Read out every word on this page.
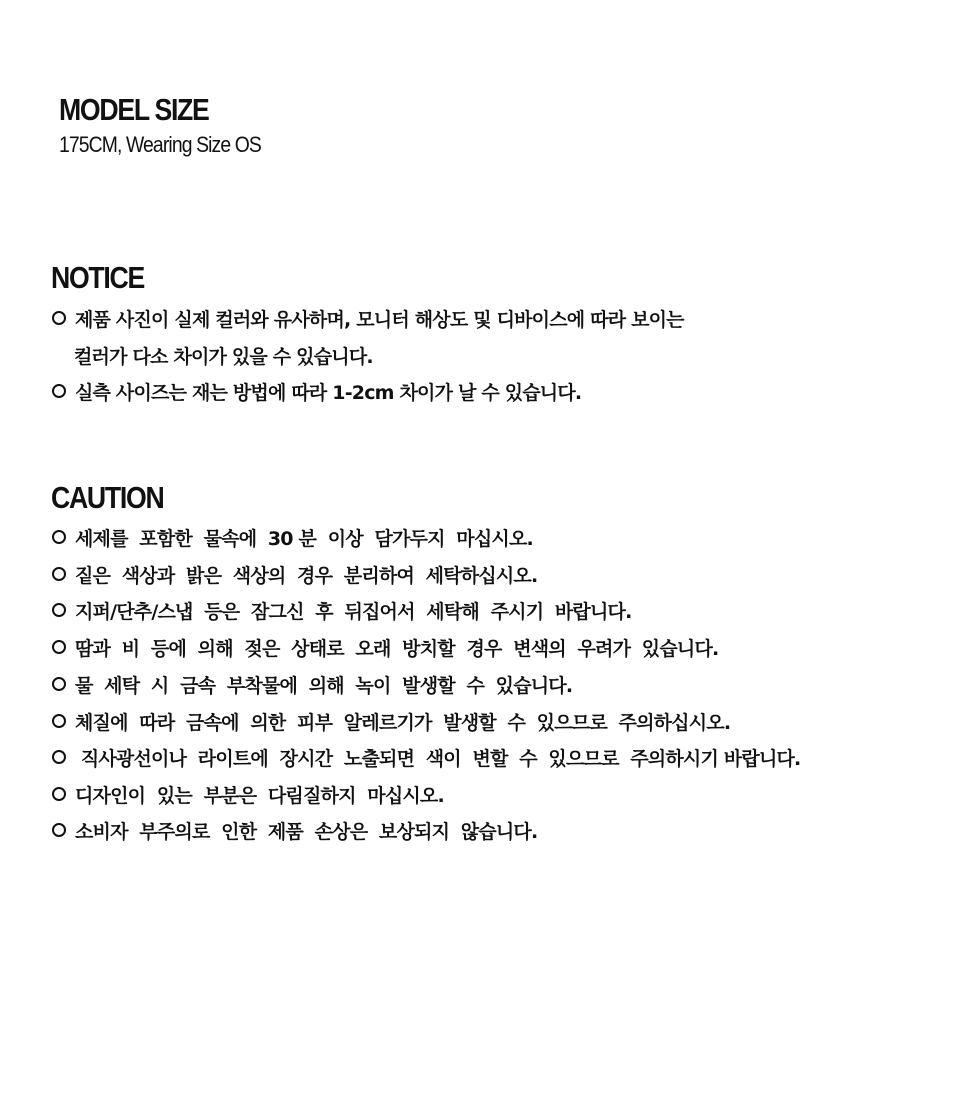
MODEL SIZE
175CM, Wearing Size OS
NOTICE
제품 사진이 실제 컬러와 유사하며, 모니터 해상도 및 디바이스에 따라 보이는
컬러가 다소 차이가 있을 수 있습니다.
실측 사이즈는 재는 방법에 따라 1-2cm 차이가 날 수 있습니다.
CAUTION
세제를  포함한  물속에  30 분  이상  담가두지  마십시오.
짙은  색상과  밝은  색상의  경우  분리하여  세탁하십시오.
지퍼/단추/스냅  등은  잠그신  후  뒤집어서  세탁해  주시기  바랍니다.
땀과  비  등에  의해  젖은  상태로  오래  방치할  경우  변색의  우려가  있습니다.
물  세탁  시  금속  부착물에  의해  녹이  발생할  수  있습니다.
체질에  따라  금속에  의한  피부  알레르기가  발생할  수  있으므로  주의하십시오.
직사광선이나  라이트에  장시간  노출되면  색이  변할  수  있으므로  주의하시기 바랍니다.
디자인이  있는  부분은  다림질하지  마십시오.
소비자  부주의로  인한  제품  손상은  보상되지  않습니다.
